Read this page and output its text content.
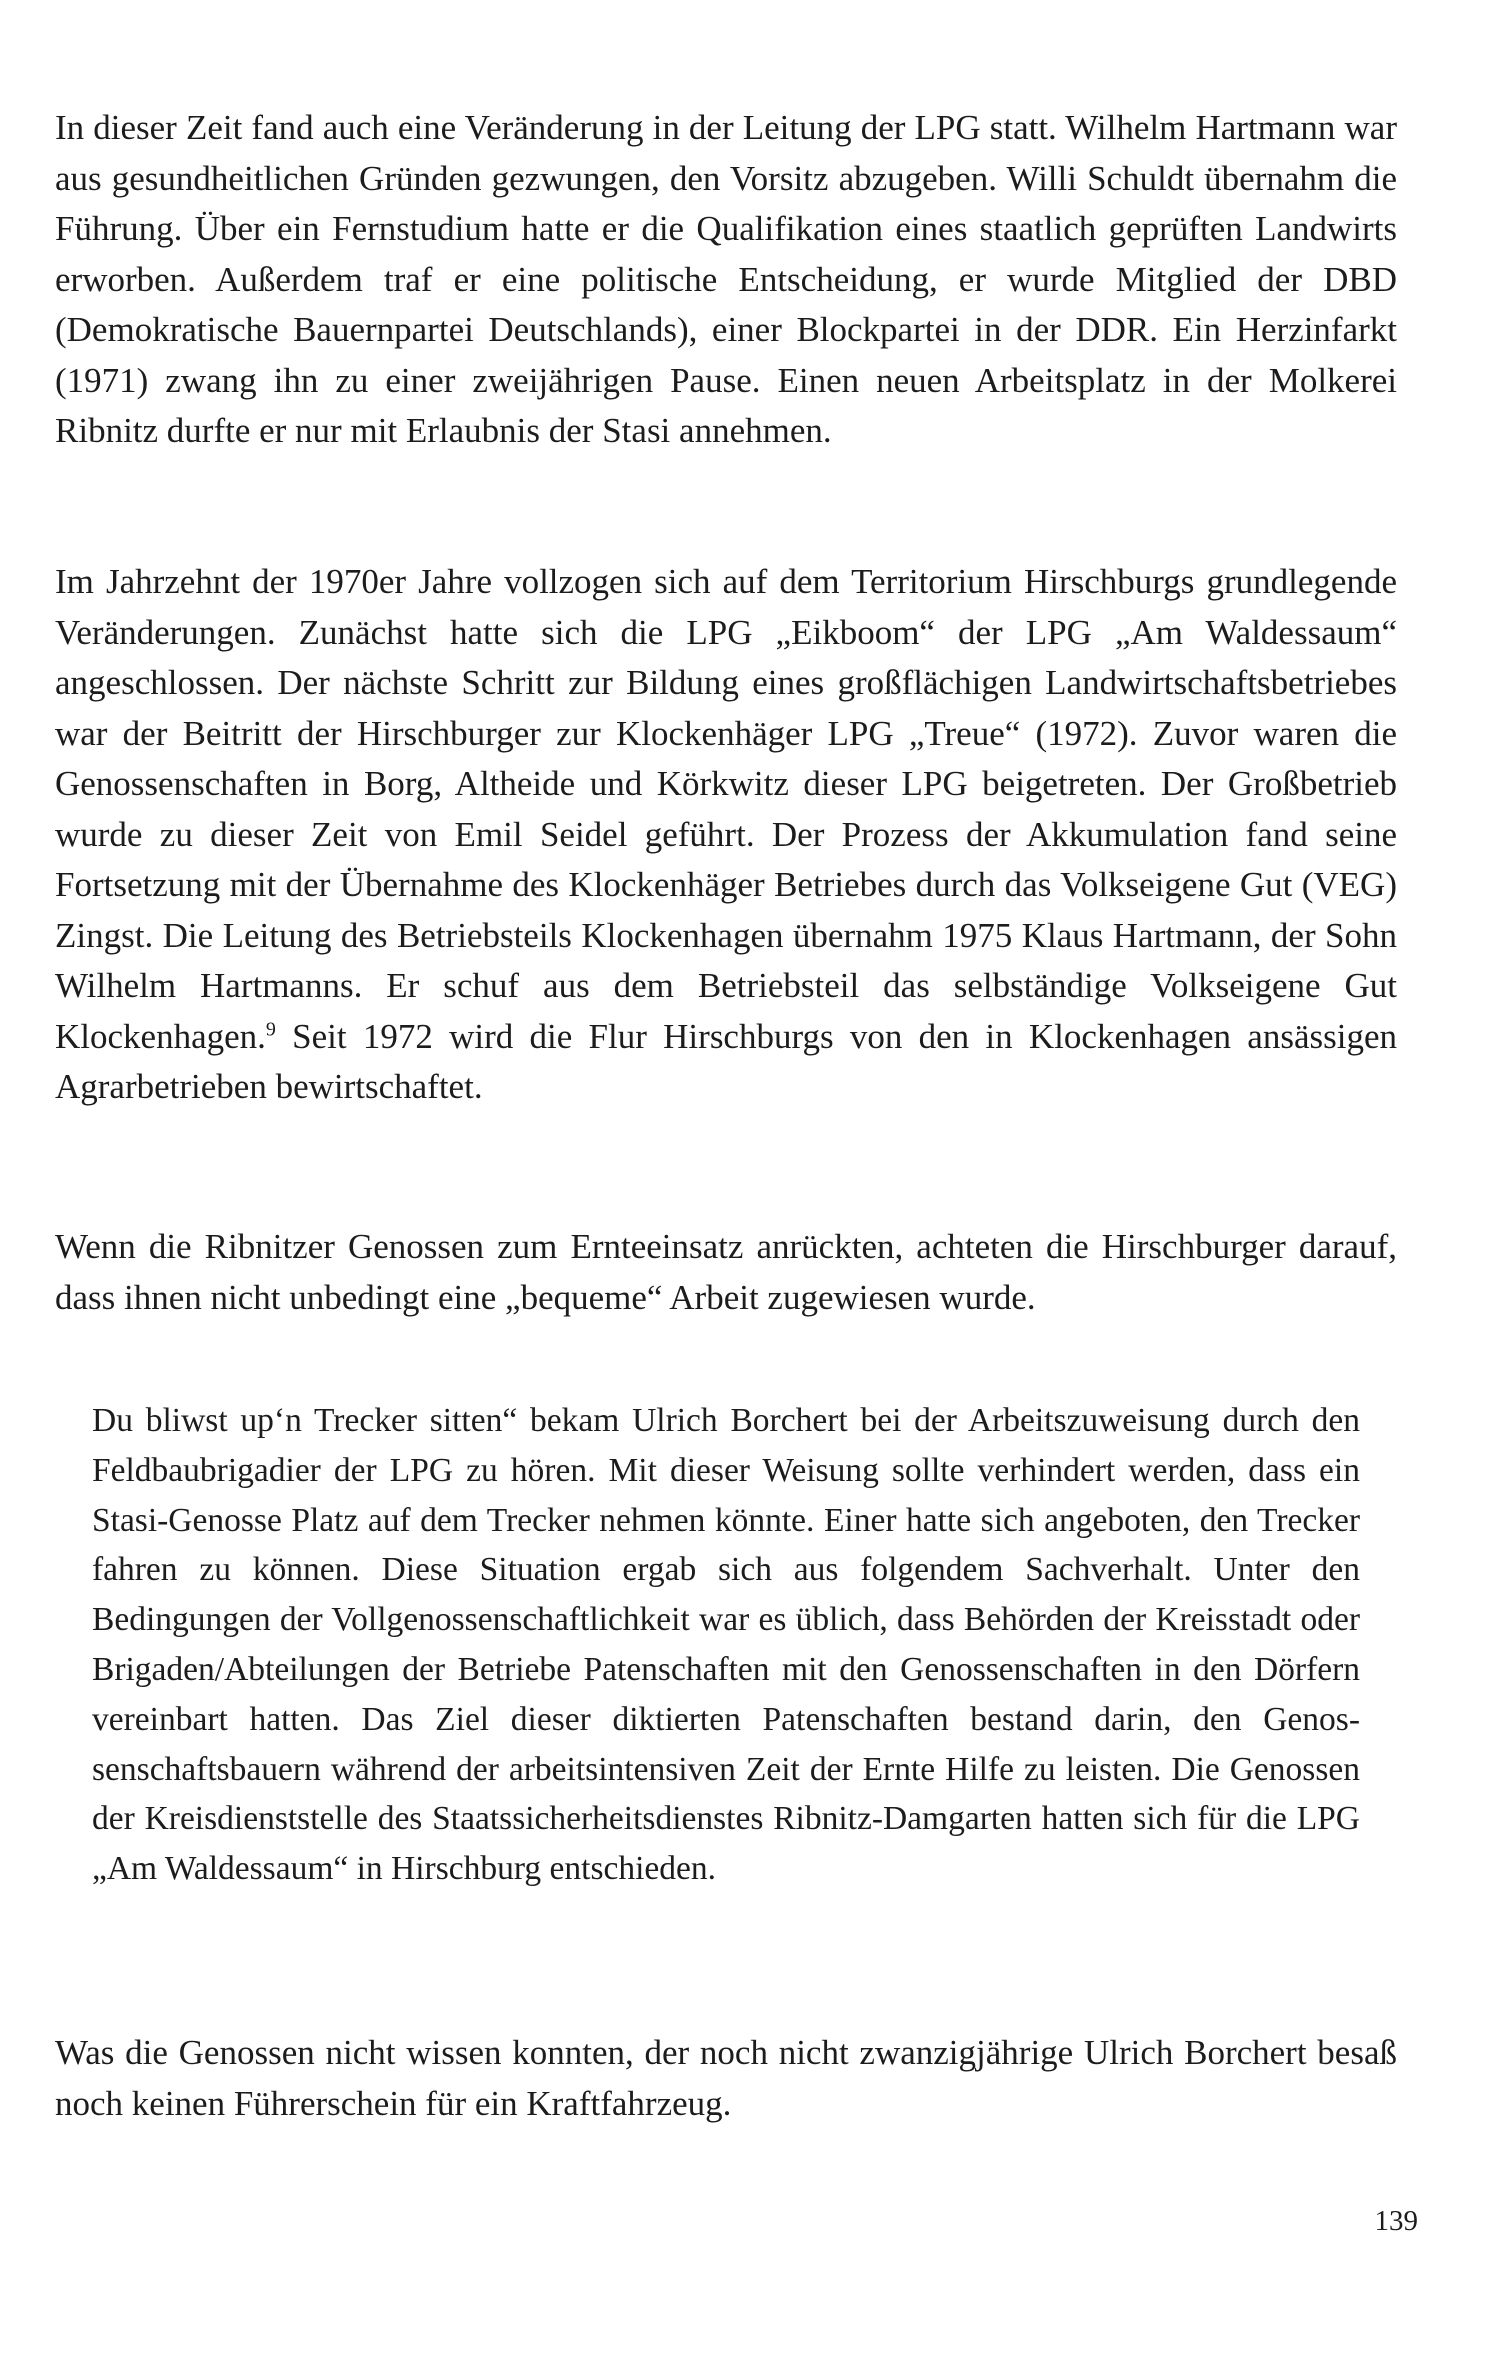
In dieser Zeit fand auch eine Veränderung in der Leitung der LPG statt. Wilhelm Hartmann war aus gesundheitlichen Gründen gezwungen, den Vorsitz abzugeben. Willi Schuldt übernahm die Führung. Über ein Fernstudium hatte er die Qualifikation eines staatlich geprüften Landwirts erworben. Außerdem traf er eine politische Entscheidung, er wurde Mitglied der DBD (Demokratische Bauernpartei Deutschlands), einer Blockpartei in der DDR. Ein Herzinfarkt (1971) zwang ihn zu einer zweijährigen Pause. Einen neuen Arbeitsplatz in der Molkerei Ribnitz durfte er nur mit Erlaubnis der Stasi annehmen.

Im Jahrzehnt der 1970er Jahre vollzogen sich auf dem Territorium Hirschburgs grundlegende Veränderungen. Zunächst hatte sich die LPG „Eikboom“ der LPG „Am Waldessaum“ angeschlossen. Der nächste Schritt zur Bildung eines großflächigen Landwirtschaftsbetriebes war der Beitritt der Hirschburger zur Klockenhäger LPG „Treue“ (1972). Zuvor waren die Genossenschaften in Borg, Altheide und Körkwitz dieser LPG beigetreten. Der Großbetrieb wurde zu dieser Zeit von Emil Seidel geführt. Der Prozess der Akkumulation fand seine Fortsetzung mit der Übernahme des Klockenhäger Betriebes durch das Volkseigene Gut (VEG) Zingst. Die Leitung des Betriebsteils Klockenhagen übernahm 1975 Klaus Hartmann, der Sohn Wilhelm Hartmanns. Er schuf aus dem Betriebsteil das selbständige Volkseigene Gut Klockenhagen.$^9$ Seit 1972 wird die Flur Hirschburgs von den in Klockenhagen ansässigen Agrarbetrieben bewirtschaftet.

Wenn die Ribnitzer Genossen zum Ernteeinsatz anrückten, achteten die Hirschburger darauf, dass ihnen nicht unbedingt eine „bequeme“ Arbeit zugewiesen wurde.

Du bliwst up‘n Trecker sitten“ bekam Ulrich Borchert bei der Arbeitszuweisung durch den Feldbaubrigadier der LPG zu hören. Mit dieser Weisung sollte verhindert werden, dass ein Stasi-Genosse Platz auf dem Trecker nehmen könnte. Einer hatte sich angeboten, den Trecker fahren zu können. Diese Situation ergab sich aus folgendem Sachverhalt. Unter den Bedingungen der Vollgenossenschaftlichkeit war es üblich, dass Behörden der Kreisstadt oder Brigaden/Abteilungen der Betriebe Patenschaften mit den Genossenschaften in den Dörfern vereinbart hatten. Das Ziel dieser diktierten Patenschaften bestand darin, den Genossenschaftsbauern während der arbeitsintensiven Zeit der Ernte Hilfe zu leisten. Die Genossen der Kreisdienststelle des Staatssicherheitsdienstes Ribnitz-Damgarten hatten sich für die LPG „Am Waldessaum“ in Hirschburg entschieden.

Was die Genossen nicht wissen konnten, der noch nicht zwanzigjährige Ulrich Borchert besaß noch keinen Führerschein für ein Kraftfahrzeug.

139
